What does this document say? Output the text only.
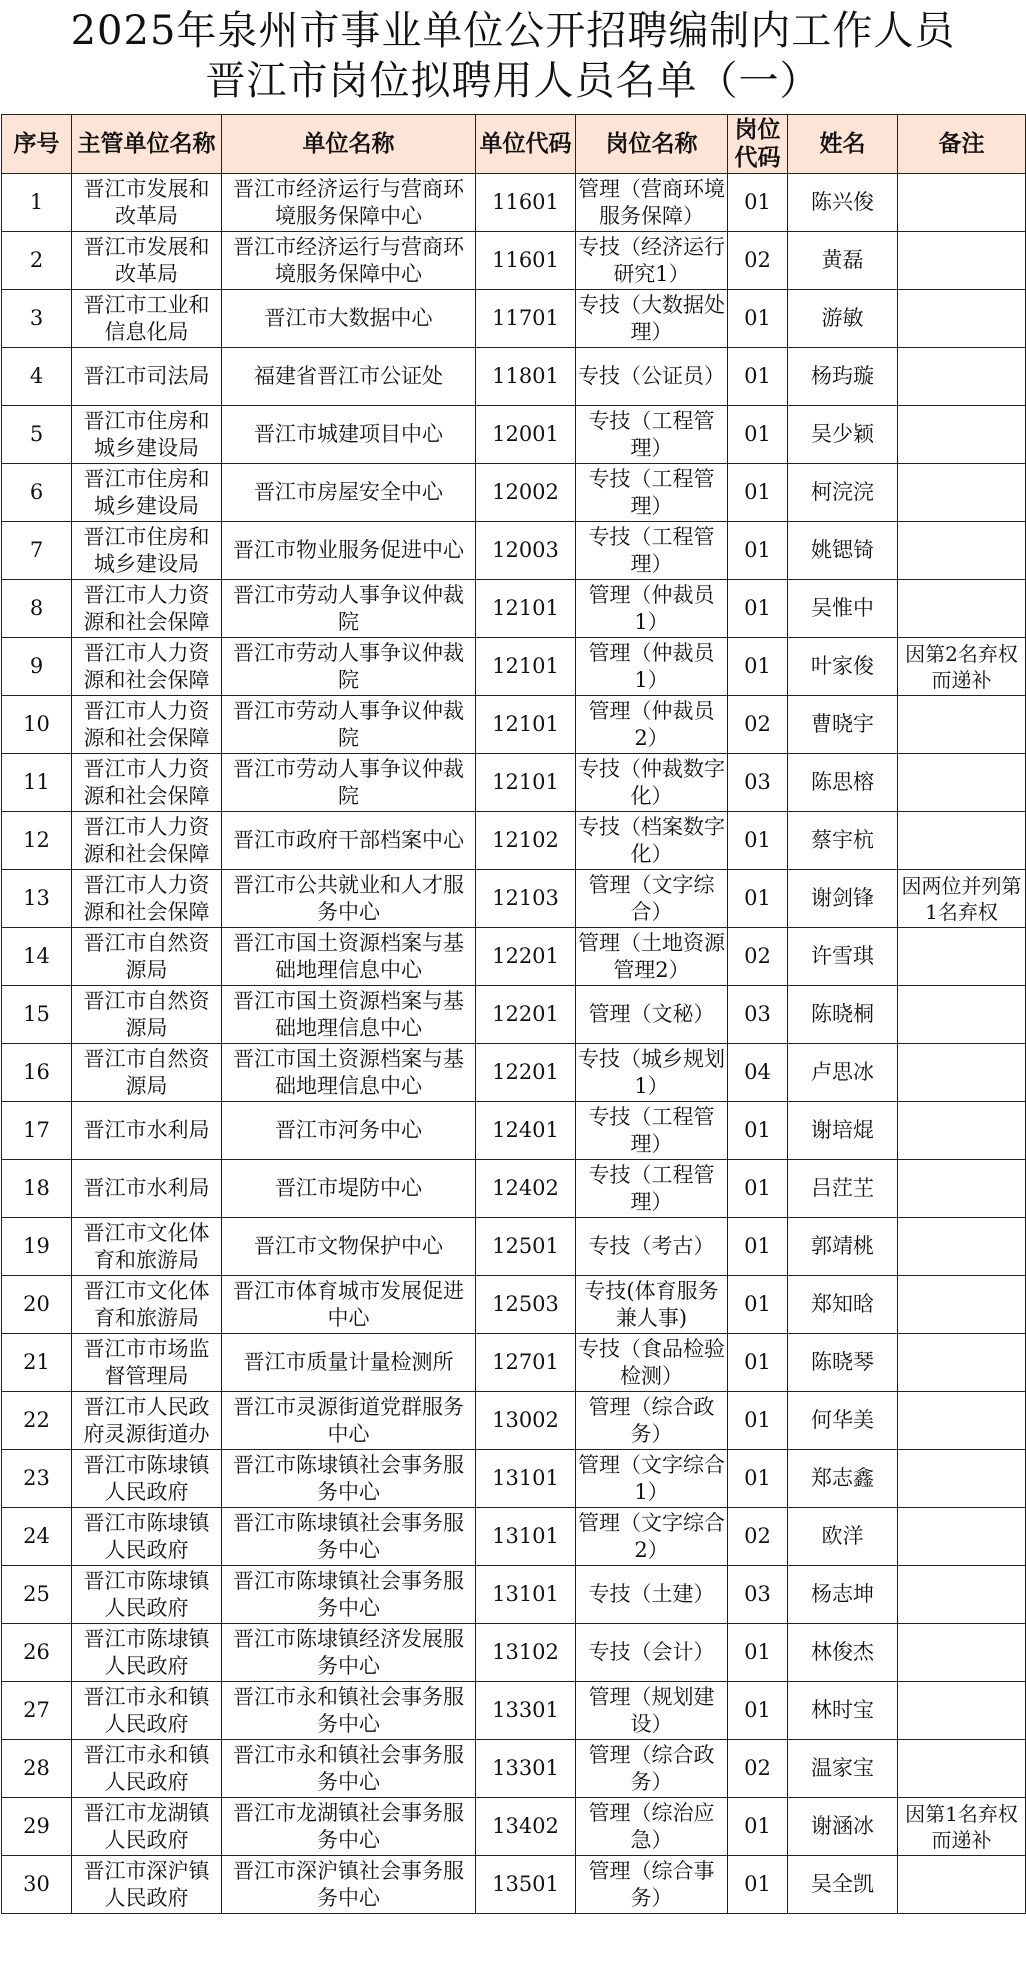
2025年泉州市事业单位公开招聘编制内工作人员
晋江市岗位拟聘用人员名单（一）
序号	主管单位名称	单位名称	单位代码	岗位名称	岗位代码	姓名	备注
1	晋江市发展和改革局	晋江市经济运行与营商环境服务保障中心	11601	管理（营商环境服务保障）	01	陈兴俊	
2	晋江市发展和改革局	晋江市经济运行与营商环境服务保障中心	11601	专技（经济运行研究1）	02	黄磊	
3	晋江市工业和信息化局	晋江市大数据中心	11701	专技（大数据处理）	01	游敏	
4	晋江市司法局	福建省晋江市公证处	11801	专技（公证员）	01	杨玙璇	
5	晋江市住房和城乡建设局	晋江市城建项目中心	12001	专技（工程管理）	01	吴少颖	
6	晋江市住房和城乡建设局	晋江市房屋安全中心	12002	专技（工程管理）	01	柯浣浣	
7	晋江市住房和城乡建设局	晋江市物业服务促进中心	12003	专技（工程管理）	01	姚锶锜	
8	晋江市人力资源和社会保障	晋江市劳动人事争议仲裁院	12101	管理（仲裁员1）	01	吴惟中	
9	晋江市人力资源和社会保障	晋江市劳动人事争议仲裁院	12101	管理（仲裁员1）	01	叶家俊	因第2名弃权而递补
10	晋江市人力资源和社会保障	晋江市劳动人事争议仲裁院	12101	管理（仲裁员2）	02	曹晓宇	
11	晋江市人力资源和社会保障	晋江市劳动人事争议仲裁院	12101	专技（仲裁数字化）	03	陈思榕	
12	晋江市人力资源和社会保障	晋江市政府干部档案中心	12102	专技（档案数字化）	01	蔡宇杭	
13	晋江市人力资源和社会保障	晋江市公共就业和人才服务中心	12103	管理（文字综合）	01	谢剑锋	因两位并列第1名弃权
14	晋江市自然资源局	晋江市国土资源档案与基础地理信息中心	12201	管理（土地资源管理2）	02	许雪琪	
15	晋江市自然资源局	晋江市国土资源档案与基础地理信息中心	12201	管理（文秘）	03	陈晓桐	
16	晋江市自然资源局	晋江市国土资源档案与基础地理信息中心	12201	专技（城乡规划1）	04	卢思冰	
17	晋江市水利局	晋江市河务中心	12401	专技（工程管理）	01	谢培焜	
18	晋江市水利局	晋江市堤防中心	12402	专技（工程管理）	01	吕茳芏	
19	晋江市文化体育和旅游局	晋江市文物保护中心	12501	专技（考古）	01	郭靖桃	
20	晋江市文化体育和旅游局	晋江市体育城市发展促进中心	12503	专技(体育服务兼人事)	01	郑知晗	
21	晋江市市场监督管理局	晋江市质量计量检测所	12701	专技（食品检验检测）	01	陈晓琴	
22	晋江市人民政府灵源街道办	晋江市灵源街道党群服务中心	13002	管理（综合政务）	01	何华美	
23	晋江市陈埭镇人民政府	晋江市陈埭镇社会事务服务中心	13101	管理（文字综合1）	01	郑志鑫	
24	晋江市陈埭镇人民政府	晋江市陈埭镇社会事务服务中心	13101	管理（文字综合2）	02	欧洋	
25	晋江市陈埭镇人民政府	晋江市陈埭镇社会事务服务中心	13101	专技（土建）	03	杨志坤	
26	晋江市陈埭镇人民政府	晋江市陈埭镇经济发展服务中心	13102	专技（会计）	01	林俊杰	
27	晋江市永和镇人民政府	晋江市永和镇社会事务服务中心	13301	管理（规划建设）	01	林时宝	
28	晋江市永和镇人民政府	晋江市永和镇社会事务服务中心	13301	管理（综合政务）	02	温家宝	
29	晋江市龙湖镇人民政府	晋江市龙湖镇社会事务服务中心	13402	管理（综治应急）	01	谢涵冰	因第1名弃权而递补
30	晋江市深沪镇人民政府	晋江市深沪镇社会事务服务中心	13501	管理（综合事务）	01	吴全凯	
